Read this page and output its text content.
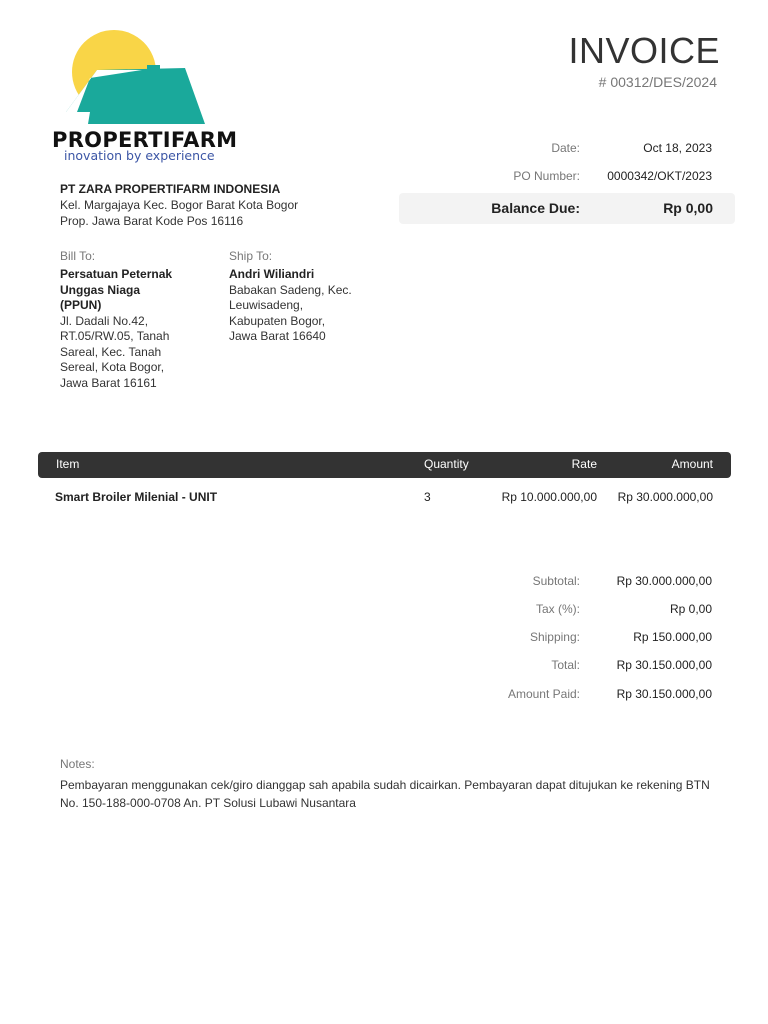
PROPERTIFARM
inovation by experience
INVOICE
# 00312/DES/2024
PT ZARA PROPERTIFARM INDONESIA
Kel. Margajaya Kec. Bogor Barat Kota Bogor
Prop. Jawa Barat Kode Pos 16116
Date:	Oct 18, 2023
PO Number: 0000342/OKT/2023
Balance Due:	Rp 0,00
Bill To:
Persatuan Peternak
Unggas Niaga
(PPUN)
Jl. Dadali No.42,
RT.05/RW.05, Tanah
Sareal, Kec. Tanah
Sereal, Kota Bogor,
Jawa Barat 16161
Ship To:
Andri Wiliandri
Babakan Sadeng, Kec.
Leuwisadeng,
Kabupaten Bogor,
Jawa Barat 16640
Item	Quantity	Rate	Amount
Smart Broiler Milenial - UNIT	3	Rp 10.000.000,00 Rp 30.000.000,00
Subtotal:	Rp 30.000.000,00
Tax (%):	Rp 0,00
Shipping:	Rp 150.000,00
Total:	Rp 30.150.000,00
Amount Paid:	Rp 30.150.000,00
Notes:
Pembayaran menggunakan cek/giro dianggap sah apabila sudah dicairkan. Pembayaran dapat ditujukan ke rekening BTN No. 150-188-000-0708 An. PT Solusi Lubawi Nusantara
